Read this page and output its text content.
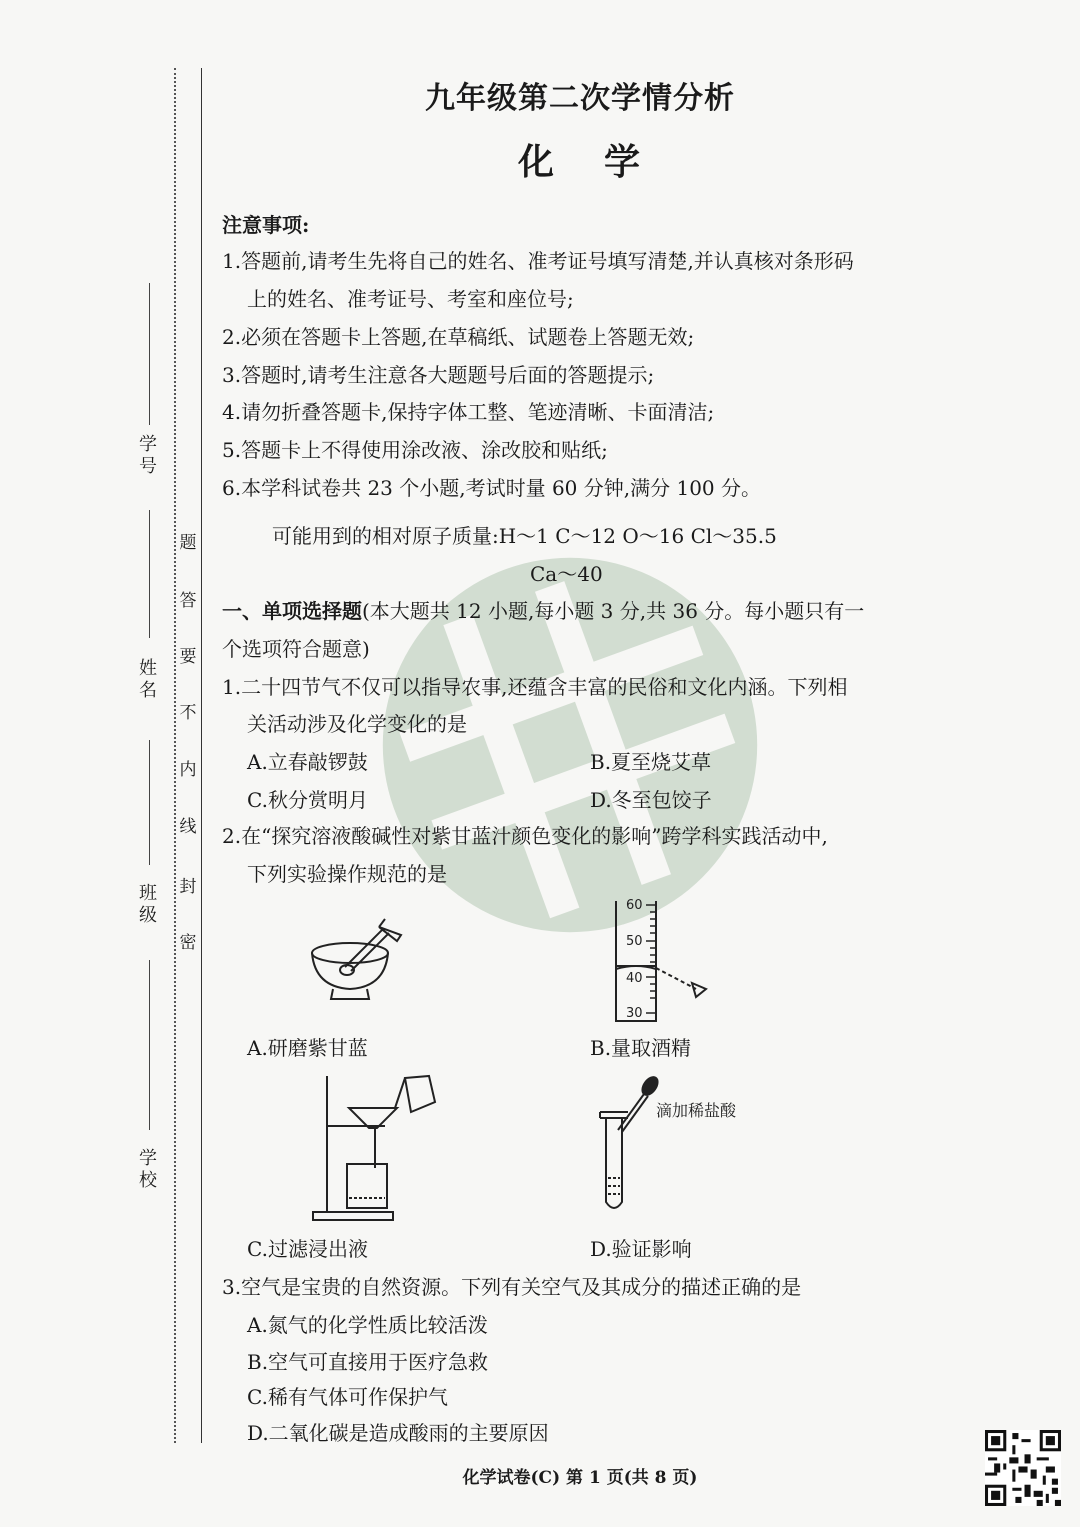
学号
姓名
班级
学校
密
封
线
内
不
要
答
题
九年级第二次学情分析
化 学
注意事项:
1.答题前,请考生先将自己的姓名、准考证号填写清楚,并认真核对条形码
上的姓名、准考证号、考室和座位号;
2.必须在答题卡上答题,在草稿纸、试题卷上答题无效;
3.答题时,请考生注意各大题题号后面的答题提示;
4.请勿折叠答题卡,保持字体工整、笔迹清晰、卡面清洁;
5.答题卡上不得使用涂改液、涂改胶和贴纸;
6.本学科试卷共 23 个小题,考试时量 60 分钟,满分 100 分。
可能用到的相对原子质量:H～1 C～12 O～16 Cl～35.5
Ca～40
一、单项选择题(本大题共 12 小题,每小题 3 分,共 36 分。每小题只有一
个选项符合题意)
1.二十四节气不仅可以指导农事,还蕴含丰富的民俗和文化内涵。下列相
关活动涉及化学变化的是
A.立春敲锣鼓	B.夏至烧艾草
C.秋分赏明月	D.冬至包饺子
2.在“探究溶液酸碱性对紫甘蓝汁颜色变化的影响”跨学科实践活动中,
下列实验操作规范的是
60
50
40
30
A.研磨紫甘蓝	B.量取酒精
滴加稀盐酸
C.过滤浸出液	D.验证影响
3.空气是宝贵的自然资源。下列有关空气及其成分的描述正确的是
A.氮气的化学性质比较活泼
B.空气可直接用于医疗急救
C.稀有气体可作保护气
D.二氧化碳是造成酸雨的主要原因
化学试卷(C) 第 1 页(共 8 页)
